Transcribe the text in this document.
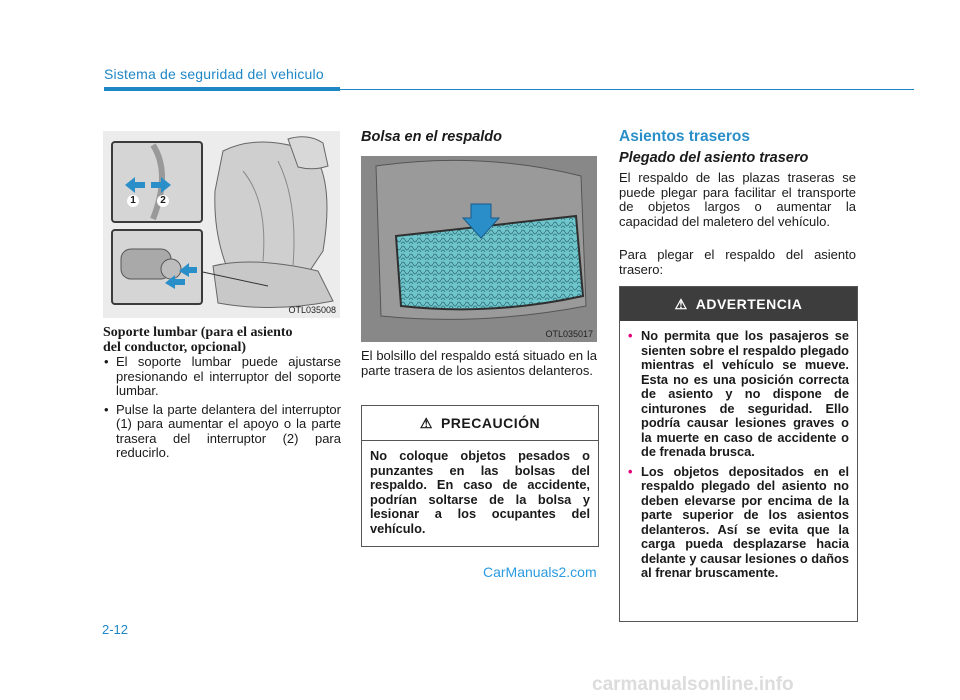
Sistema de seguridad del vehiculo
1	2
OTL035008
Soporte lumbar (para el asiento
del conductor, opcional)
• El soporte lumbar puede ajustarse presionando el interruptor del soporte lumbar.
• Pulse la parte delantera del interruptor (1) para aumentar el apoyo o la parte trasera del interruptor (2) para reducirlo.
Bolsa en el respaldo
OTL035017
El bolsillo del respaldo está situado en la parte trasera de los asientos delanteros.
⚠ PRECAUCIÓN
No coloque objetos pesados o punzantes en las bolsas del respaldo. En caso de accidente, podrían soltarse de la bolsa y lesionar a los ocupantes del vehículo.
Asientos traseros
Plegado del asiento trasero
El respaldo de las plazas traseras se puede plegar para facilitar el transporte de objetos largos o aumentar la capacidad del maletero del vehículo.
Para plegar el respaldo del asiento trasero:
⚠ ADVERTENCIA
• No permita que los pasajeros se sienten sobre el respaldo plegado mientras el vehículo se mueve. Esta no es una posición correcta de asiento y no dispone de cinturones de seguridad. Ello podría causar lesiones graves o la muerte en caso de accidente o de frenada brusca.
• Los objetos depositados en el respaldo plegado del asiento no deben elevarse por encima de la parte superior de los asientos delanteros. Así se evita que la carga pueda desplazarse hacia delante y causar lesiones o daños al frenar bruscamente.
2-12
CarManuals2.com
carmanualsonline.info
